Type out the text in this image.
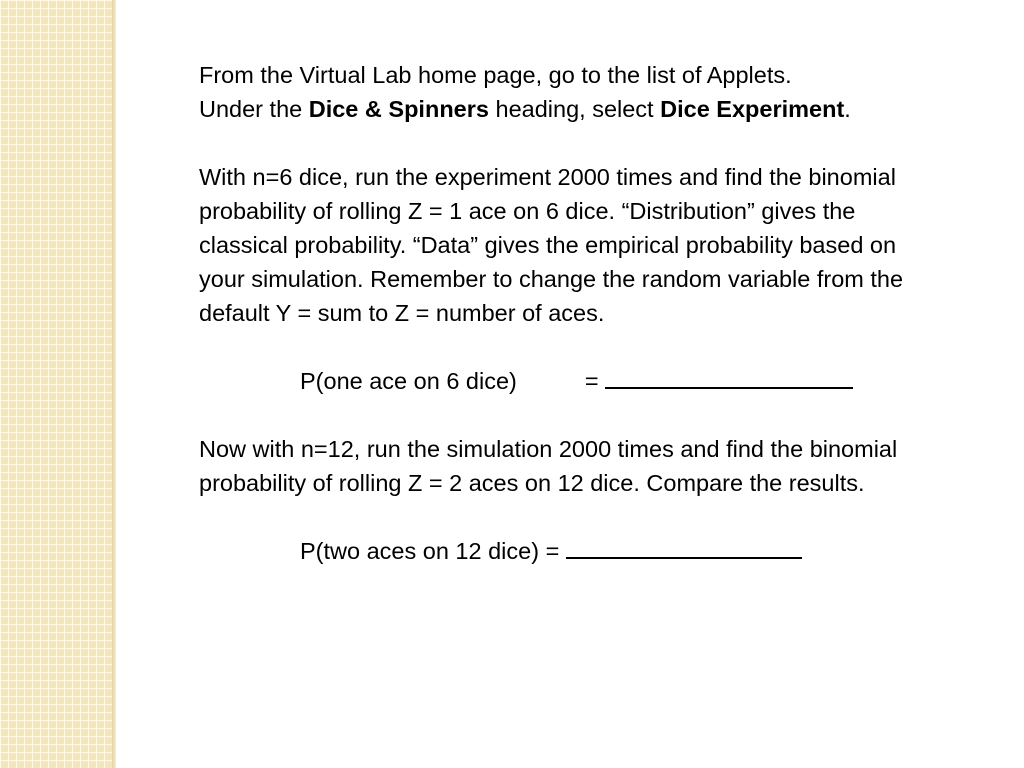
From the Virtual Lab home page, go to the list of Applets.
Under the Dice & Spinners heading, select Dice Experiment.

With n=6 dice, run the experiment 2000 times and find the binomial probability of rolling Z = 1 ace on 6 dice. “Distribution” gives the classical probability. “Data” gives the empirical probability based on your simulation. Remember to change the random variable from the default Y = sum to Z = number of aces.

P(one ace on 6 dice)	=

Now with n=12, run the simulation 2000 times and find the binomial probability of rolling Z = 2 aces on 12 dice. Compare the results.

P(two aces on 12 dice) =
